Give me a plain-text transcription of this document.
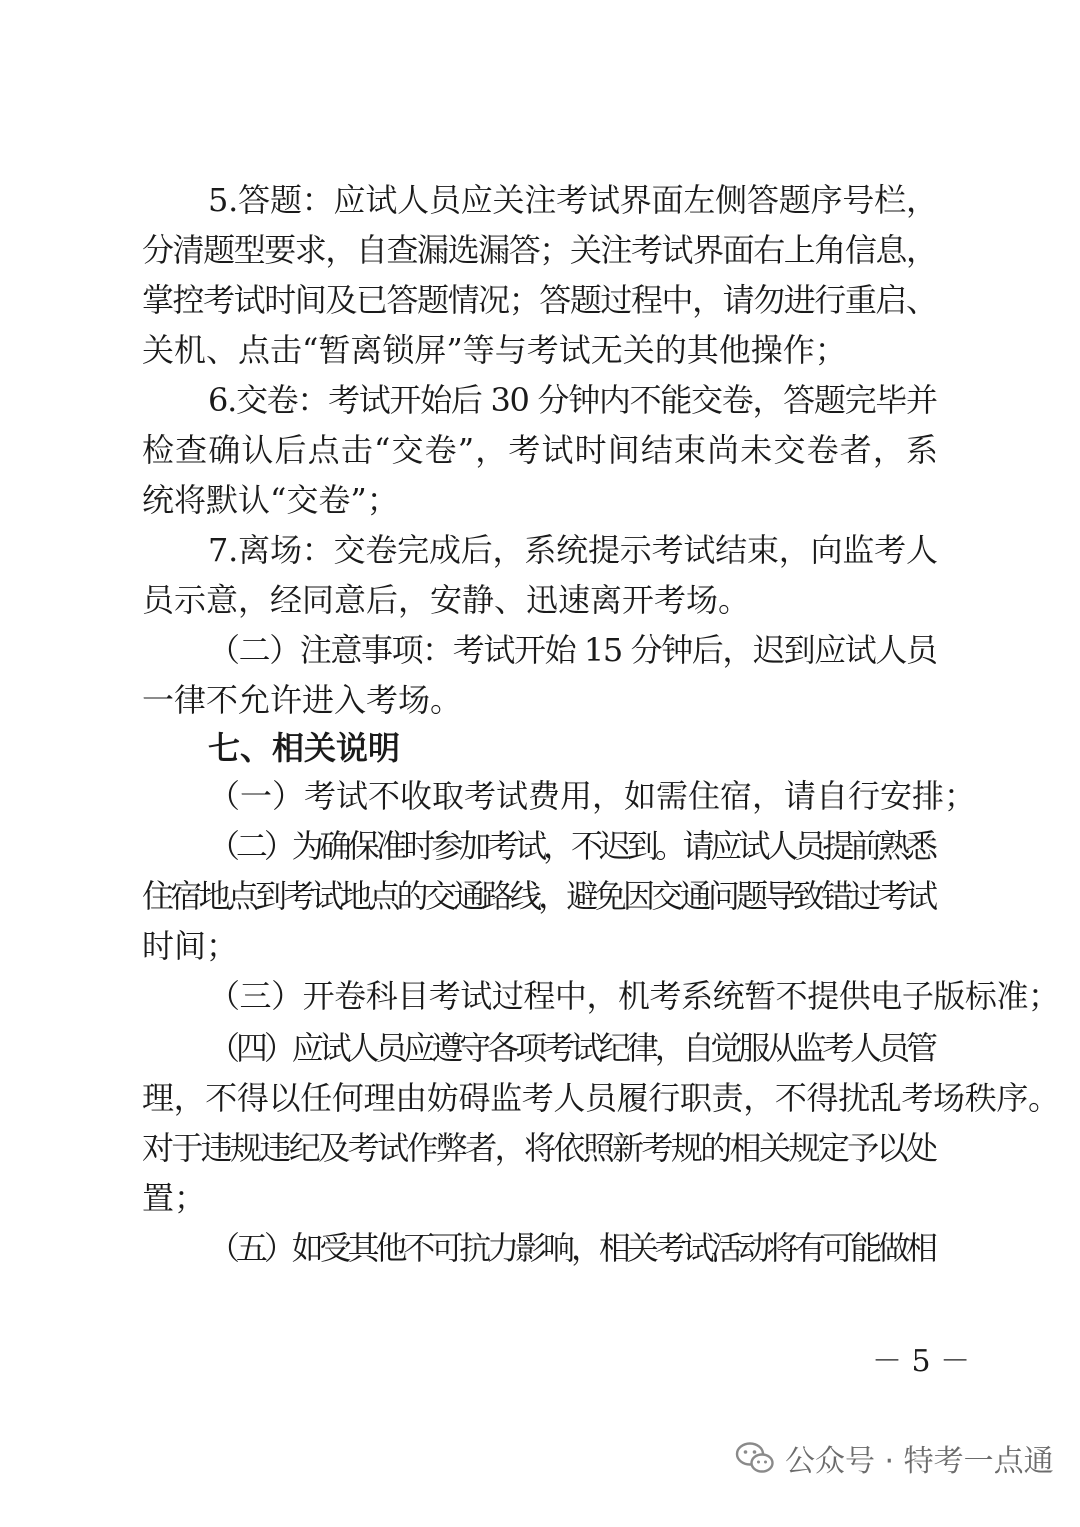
5.答题：应试人员应关注考试界面左侧答题序号栏，
分清题型要求，自查漏选漏答；关注考试界面右上角信息，
掌控考试时间及已答题情况；答题过程中，请勿进行重启、
关机、点击“暂离锁屏”等与考试无关的其他操作；
6.交卷：考试开始后 30 分钟内不能交卷，答题完毕并
检查确认后点击“交卷”，考试时间结束尚未交卷者，系
统将默认“交卷”；
7.离场：交卷完成后，系统提示考试结束，向监考人
员示意，经同意后，安静、迅速离开考场。
（二）注意事项：考试开始 15 分钟后，迟到应试人员
一律不允许进入考场。
七、相关说明
（一）考试不收取考试费用，如需住宿，请自行安排；
（二）为确保准时参加考试，不迟到。请应试人员提前熟悉
住宿地点到考试地点的交通路线，避免因交通问题导致错过考试
时间；
（三）开卷科目考试过程中，机考系统暂不提供电子版标准；
（四）应试人员应遵守各项考试纪律，自觉服从监考人员管
理，不得以任何理由妨碍监考人员履行职责，不得扰乱考场秩序。
对于违规违纪及考试作弊者，将依照新考规的相关规定予以处
置；
（五）如受其他不可抗力影响，相关考试活动将有可能做相
－ 5 －
公众号 · 特考一点通
